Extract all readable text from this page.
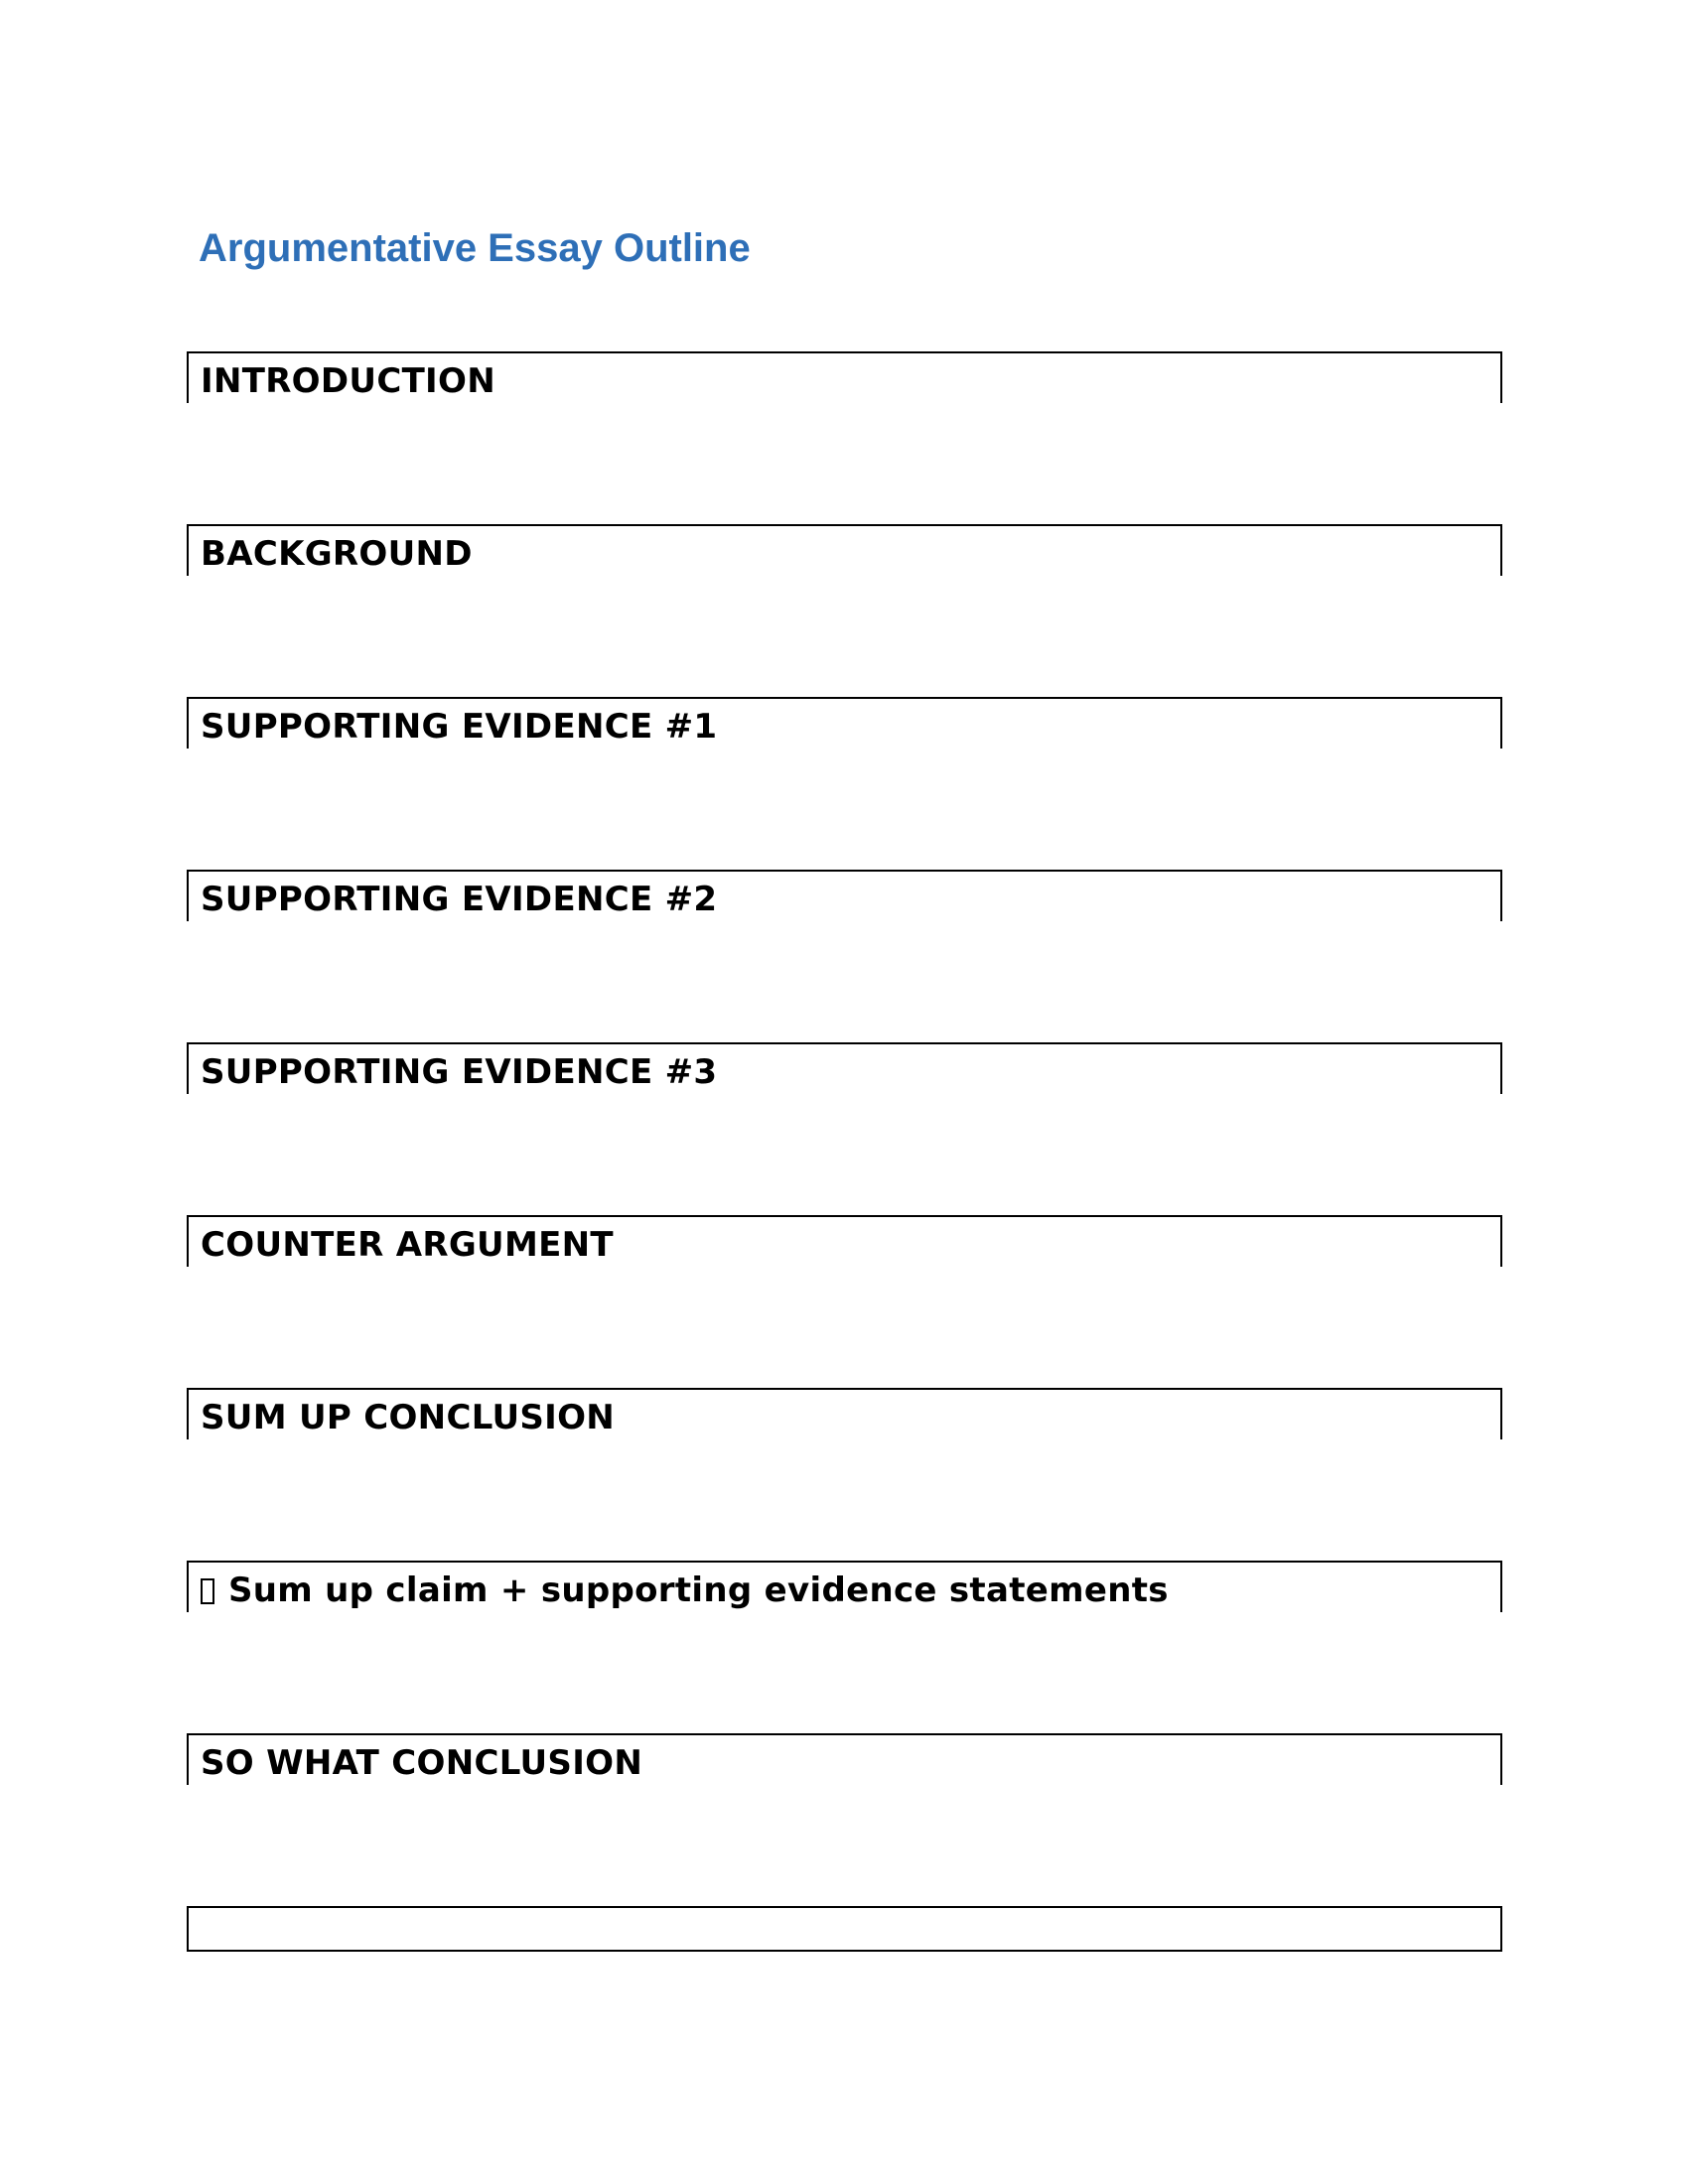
Argumentative Essay Outline
INTRODUCTION
BACKGROUND
SUPPORTING EVIDENCE #1
SUPPORTING EVIDENCE #2
SUPPORTING EVIDENCE #3
COUNTER ARGUMENT
SUM UP CONCLUSION
Sum up claim + supporting evidence statements
SO WHAT CONCLUSION
